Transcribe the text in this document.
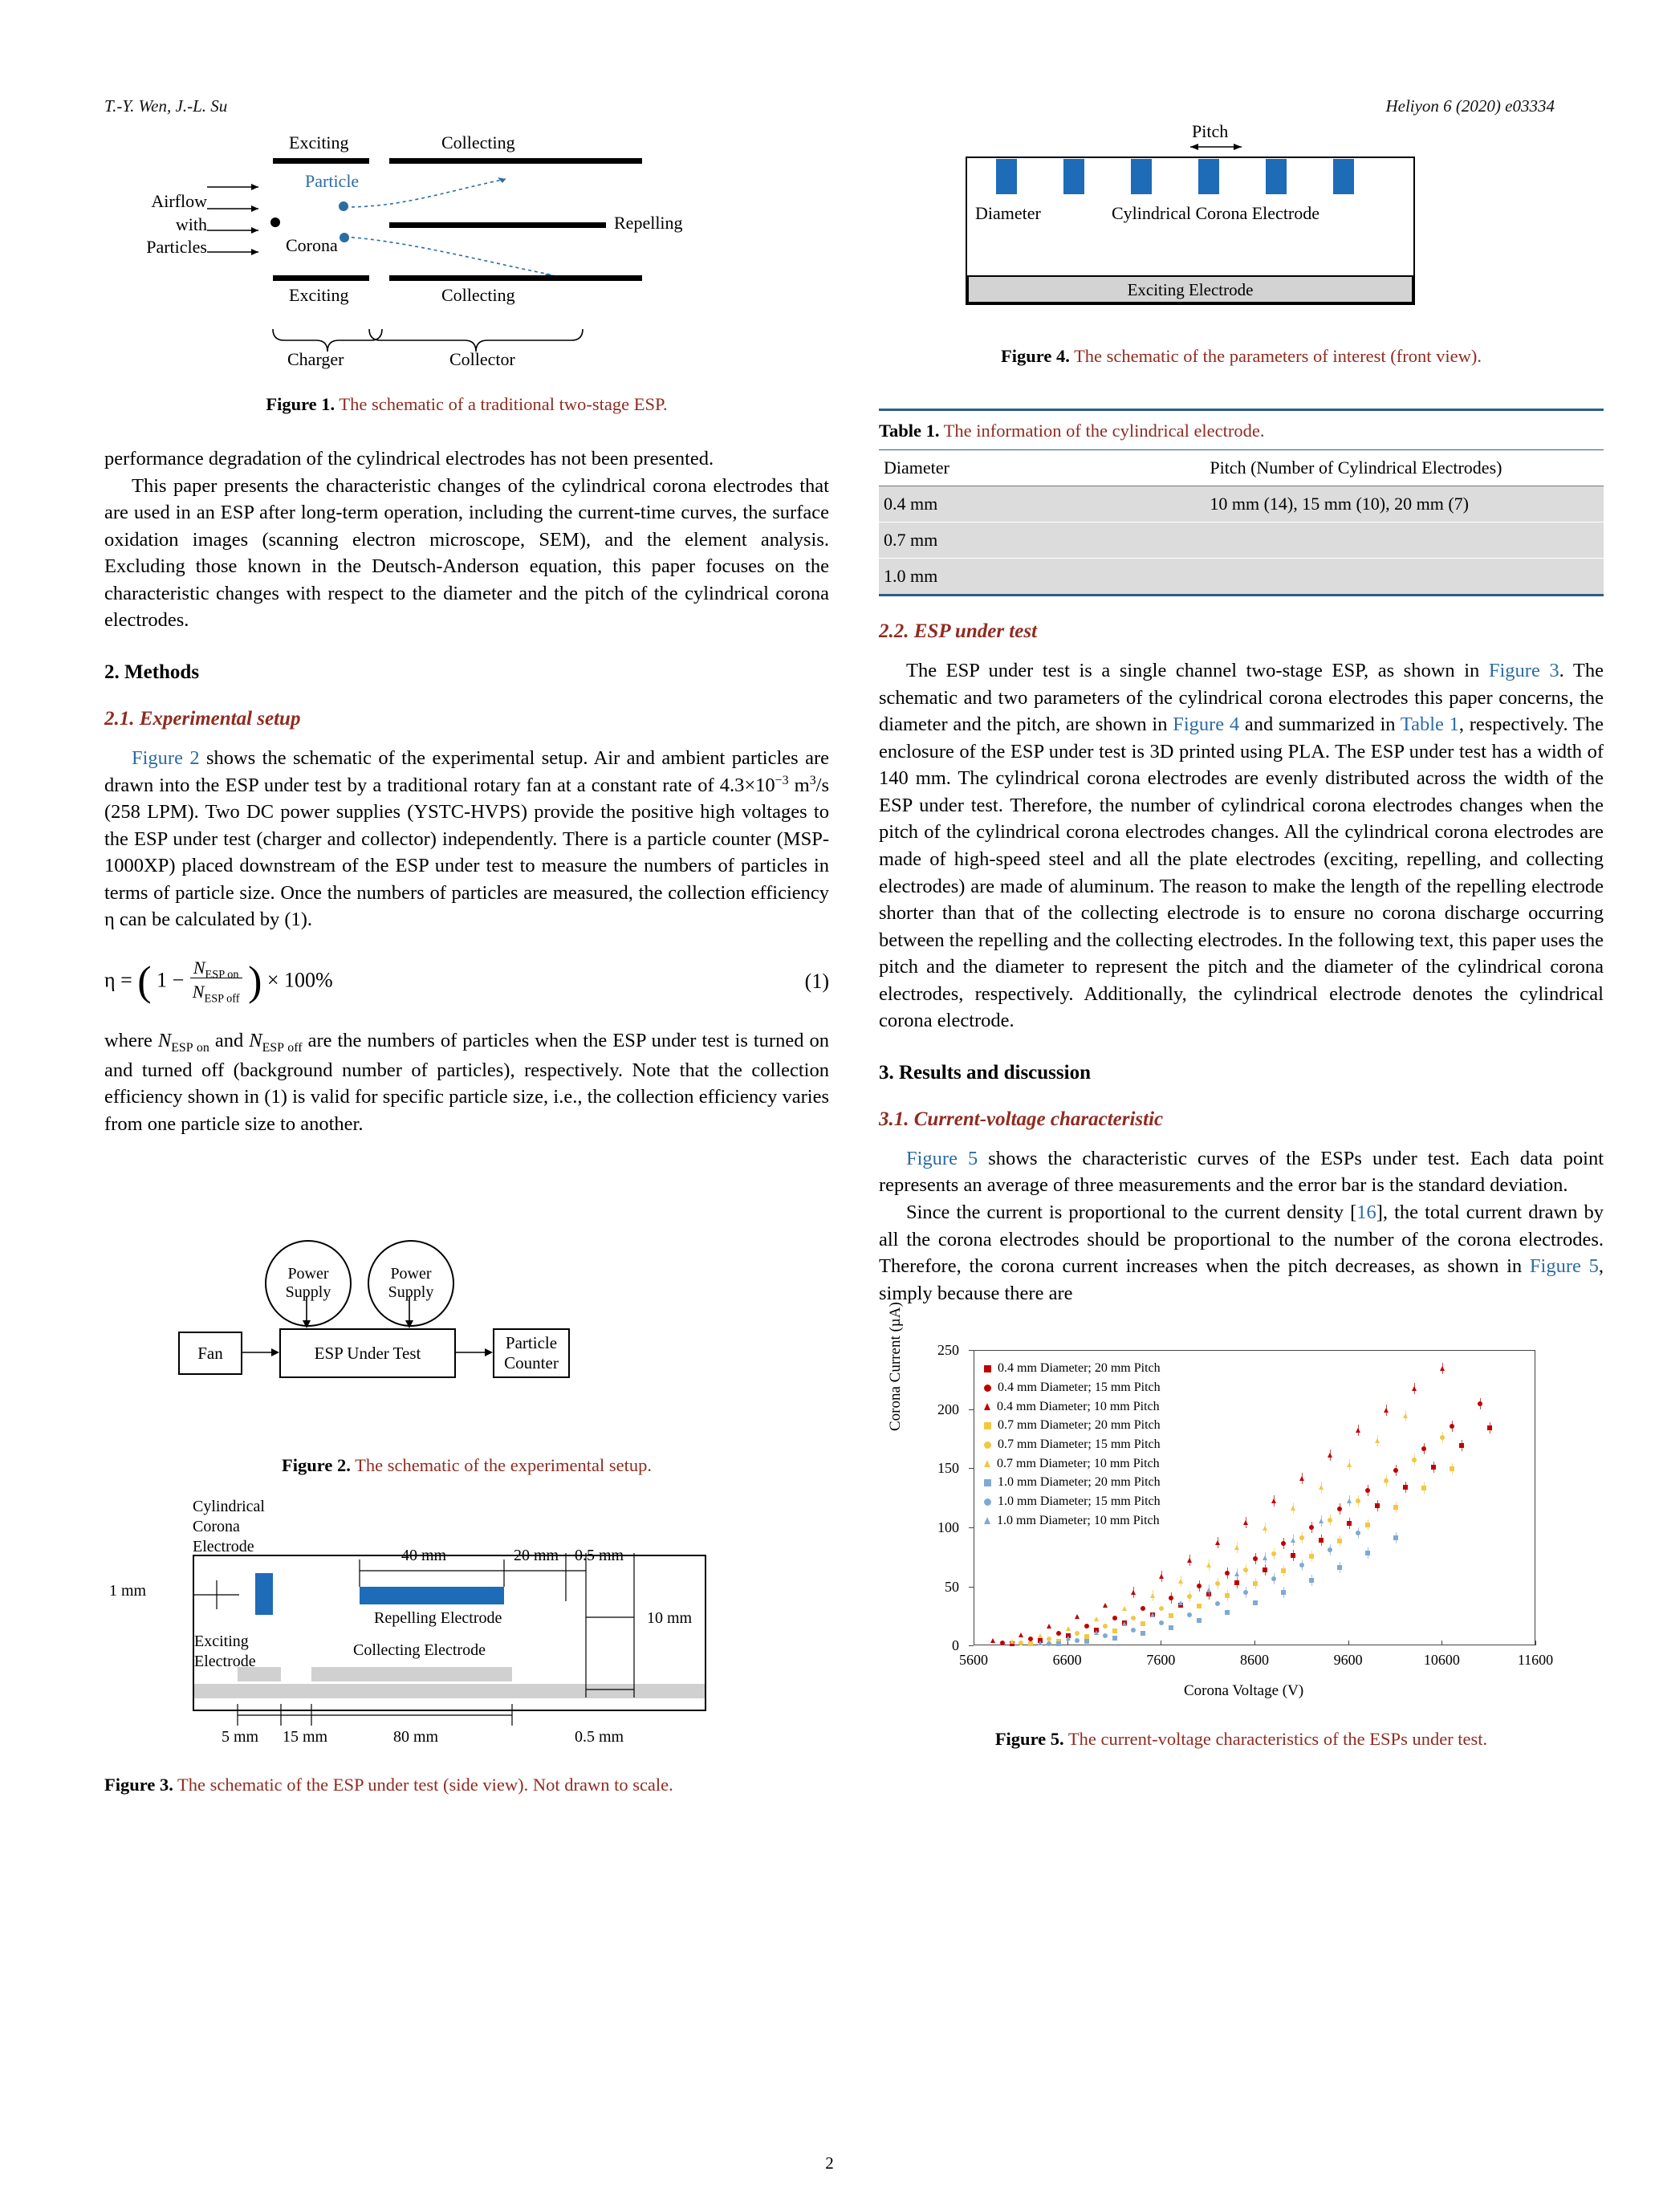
T.-Y. Wen, J.-L. Su	Heliyon 6 (2020) e03334
Exciting	Collecting
Particle
Airflow
with
Particles	Corona
Repelling
Exciting	Collecting
Charger	Collector
Figure 1. The schematic of a traditional two-stage ESP.

performance degradation of the cylindrical electrodes has not been presented.

This paper presents the characteristic changes of the cylindrical corona electrodes that are used in an ESP after long-term operation, including the current-time curves, the surface oxidation images (scanning electron microscope, SEM), and the element analysis. Excluding those known in the Deutsch-Anderson equation, this paper focuses on the characteristic changes with respect to the diameter and the pitch of the cylindrical corona electrodes.

2. Methods
2.1. Experimental setup

Figure 2 shows the schematic of the experimental setup. Air and ambient particles are drawn into the ESP under test by a traditional rotary fan at a constant rate of $4.3\times 10^{-3}$ $m^3/s$ (258 LPM). Two DC power supplies (YSTC-HVPS) provide the positive high voltages to the ESP under test (charger and collector) independently. There is a particle counter (MSP-1000XP) placed downstream of the ESP under test to measure the numbers of particles in terms of particle size. Once the numbers of particles are measured, the collection efficiency η can be calculated by (1).

η = ( $1 - \frac{N_{ESP on}}{N_{ESP off}}$ ) × 100%	(1)

where $N_{ESP on}$ and $N_{ESP off}$ are the numbers of particles when the ESP under test is turned on and turned off (background number of particles), respectively. Note that the collection efficiency shown in (1) is valid for specific particle size, i.e., the collection efficiency varies from one particle size to another.

Power
Supply
Power
Supply
Fan	ESP Under Test
Particle
Counter
Figure 2. The schematic of the experimental setup.
Cylindrical
Corona
Electrode	40 mm	20 mm 0.5 mm
1 mm
Repelling Electrode
Exciting
Electrode
Collecting Electrode
10 mm
5 mm 15 mm	80 mm	0.5 mm
Figure 3. The schematic of the ESP under test (side view). Not drawn to scale.
Pitch
Diameter	Cylindrical Corona Electrode
Exciting Electrode
Figure 4. The schematic of the parameters of interest (front view).
Table 1. The information of the cylindrical electrode.
Diameter	Pitch (Number of Cylindrical Electrodes)
0.4 mm	10 mm (14), 15 mm (10), 20 mm (7)
0.7 mm	
1.0 mm	
2.2. ESP under test

The ESP under test is a single channel two-stage ESP, as shown in Figure 3. The schematic and two parameters of the cylindrical corona electrodes this paper concerns, the diameter and the pitch, are shown in Figure 4 and summarized in Table 1, respectively. The enclosure of the ESP under test is 3D printed using PLA. The ESP under test has a width of 140 mm. The cylindrical corona electrodes are evenly distributed across the width of the ESP under test. Therefore, the number of cylindrical corona electrodes changes when the pitch of the cylindrical corona electrodes changes. All the cylindrical corona electrodes are made of high-speed steel and all the plate electrodes (exciting, repelling, and collecting electrodes) are made of aluminum. The reason to make the length of the repelling electrode shorter than that of the collecting electrode is to ensure no corona discharge occurring between the repelling and the collecting electrodes. In the following text, this paper uses the pitch and the diameter to represent the pitch and the diameter of the cylindrical corona electrodes, respectively. Additionally, the cylindrical electrode denotes the cylindrical corona electrode.

3. Results and discussion
3.1. Current-voltage characteristic

Figure 5 shows the characteristic curves of the ESPs under test. Each data point represents an average of three measurements and the error bar is the standard deviation.

Since the current is proportional to the current density [16], the total current drawn by all the corona electrodes should be proportional to the number of the corona electrodes. Therefore, the corona current increases when the pitch decreases, as shown in Figure 5, simply because there are

Corona Current (µA)	0.4 mm Diameter; 20 mm Pitch
0.4 mm Diameter; 15 mm Pitch
0.4 mm Diameter; 10 mm Pitch
0.7 mm Diameter; 20 mm Pitch
0.7 mm Diameter; 15 mm Pitch
0.7 mm Diameter; 10 mm Pitch
1.0 mm Diameter; 20 mm Pitch
1.0 mm Diameter; 15 mm Pitch
1.0 mm Diameter; 10 mm Pitch
0
50
100
150
200
250
5600	6600	7600	8600	9600	10600	11600
Corona Voltage (V)
Figure 5. The current-voltage characteristics of the ESPs under test.
2
